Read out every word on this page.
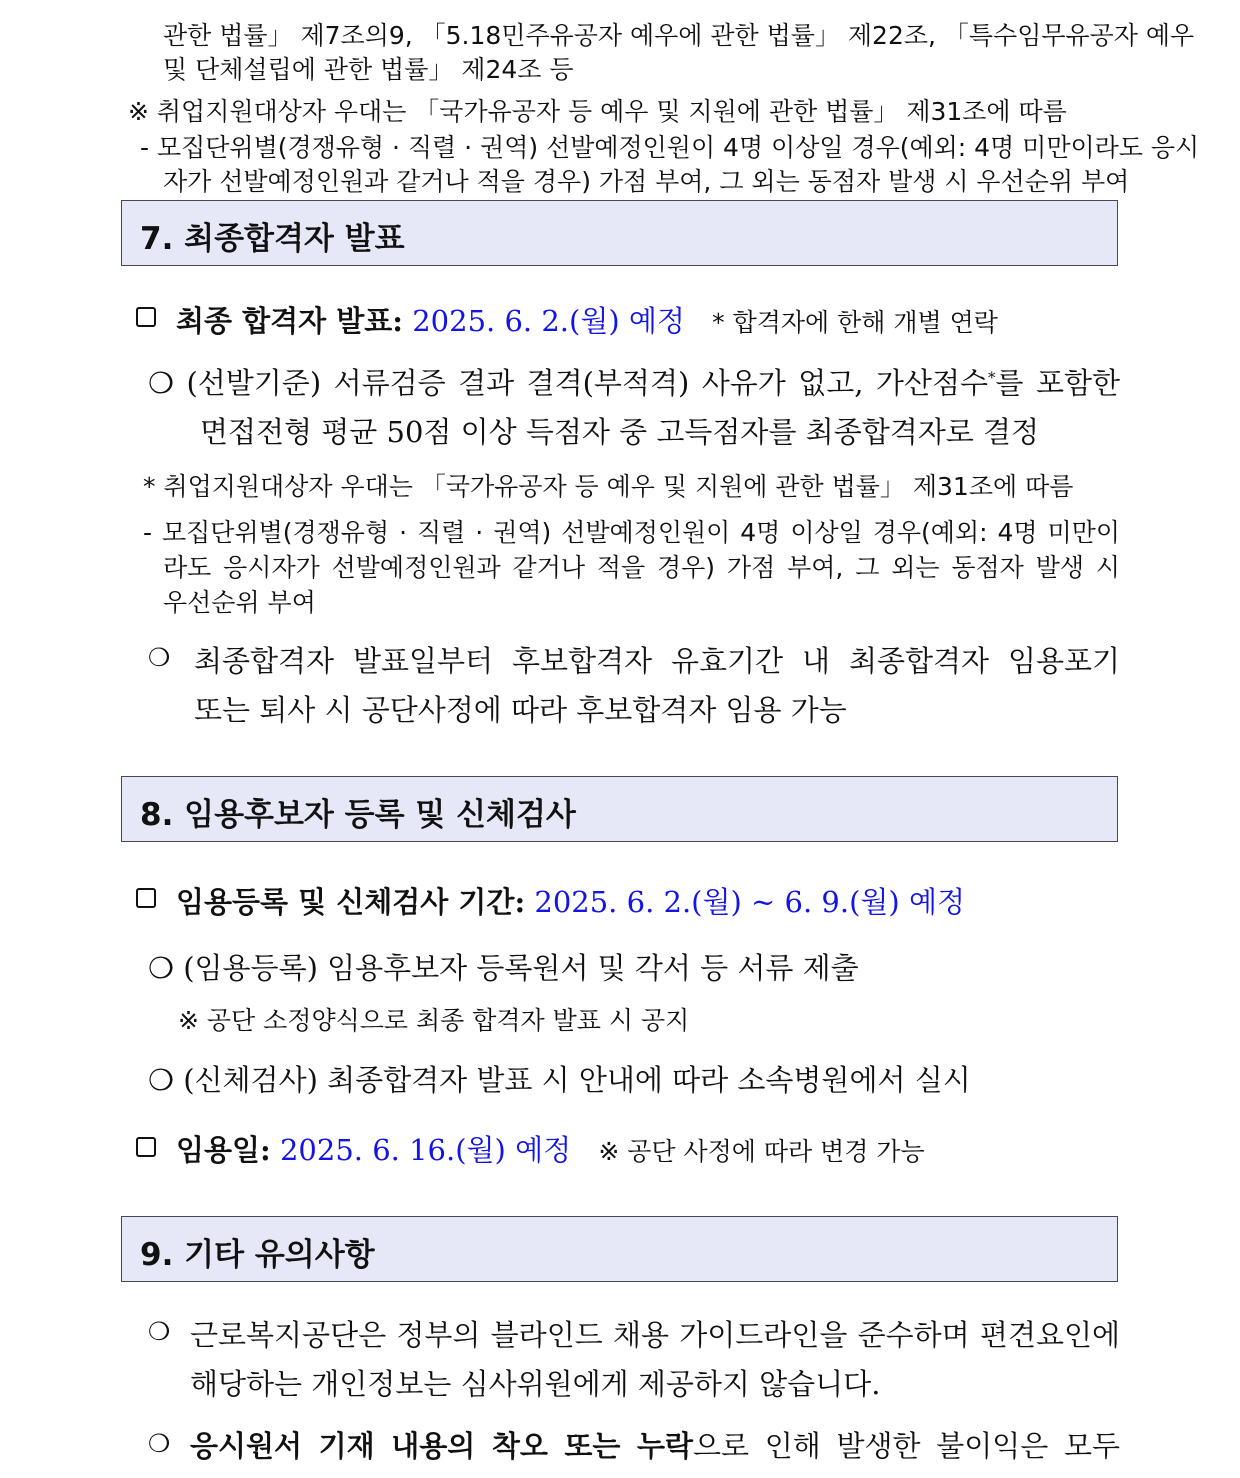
관한 법률」 제7조의9, 「5.18민주유공자 예우에 관한 법률」 제22조, 「특수임무유공자 예우
및 단체설립에 관한 법률」 제24조 등
※ 취업지원대상자 우대는 「국가유공자 등 예우 및 지원에 관한 법률」 제31조에 따름
- 모집단위별(경쟁유형 · 직렬 · 권역) 선발예정인원이 4명 이상일 경우(예외: 4명 미만이라도 응시
자가 선발예정인원과 같거나 적을 경우) 가점 부여, 그 외는 동점자 발생 시 우선순위 부여
7. 최종합격자 발표
최종 합격자 발표: 2025. 6. 2.(월) 예정 * 합격자에 한해 개별 연락
❍ (선발기준) 서류검증 결과 결격(부적격) 사유가 없고, 가산점수*를 포함한
면접전형 평균 50점 이상 득점자 중 고득점자를 최종합격자로 결정
* 취업지원대상자 우대는 「국가유공자 등 예우 및 지원에 관한 법률」 제31조에 따름
- 모집단위별(경쟁유형 · 직렬 · 권역) 선발예정인원이 4명 이상일 경우(예외: 4명 미만이
라도 응시자가 선발예정인원과 같거나 적을 경우) 가점 부여, 그 외는 동점자 발생 시
우선순위 부여
❍ 최종합격자 발표일부터 후보합격자 유효기간 내 최종합격자 임용포기
또는 퇴사 시 공단사정에 따라 후보합격자 임용 가능
8. 임용후보자 등록 및 신체검사
임용등록 및 신체검사 기간: 2025. 6. 2.(월) ~ 6. 9.(월) 예정
❍ (임용등록) 임용후보자 등록원서 및 각서 등 서류 제출
※ 공단 소정양식으로 최종 합격자 발표 시 공지
❍ (신체검사) 최종합격자 발표 시 안내에 따라 소속병원에서 실시
임용일: 2025. 6. 16.(월) 예정 ※ 공단 사정에 따라 변경 가능
9. 기타 유의사항
❍ 근로복지공단은 정부의 블라인드 채용 가이드라인을 준수하며 편견요인에
해당하는 개인정보는 심사위원에게 제공하지 않습니다.
❍ 응시원서 기재 내용의 착오 또는 누락으로 인해 발생한 불이익은 모두
